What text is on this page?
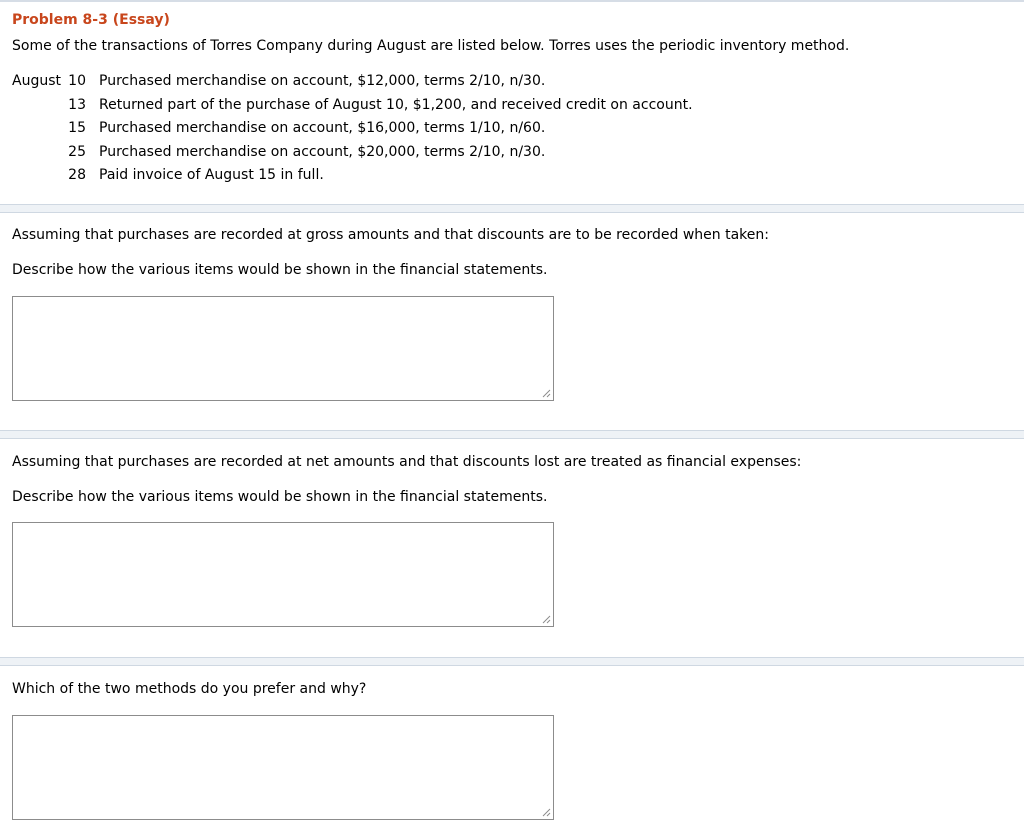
Problem 8-3 (Essay)
Some of the transactions of Torres Company during August are listed below. Torres uses the periodic inventory method.
August 10 Purchased merchandise on account, $12,000, terms 2/10, n/30.
13 Returned part of the purchase of August 10, $1,200, and received credit on account.
15 Purchased merchandise on account, $16,000, terms 1/10, n/60.
25 Purchased merchandise on account, $20,000, terms 2/10, n/30.
28 Paid invoice of August 15 in full.
Assuming that purchases are recorded at gross amounts and that discounts are to be recorded when taken:
Describe how the various items would be shown in the financial statements.
Assuming that purchases are recorded at net amounts and that discounts lost are treated as financial expenses:
Describe how the various items would be shown in the financial statements.
Which of the two methods do you prefer and why?
